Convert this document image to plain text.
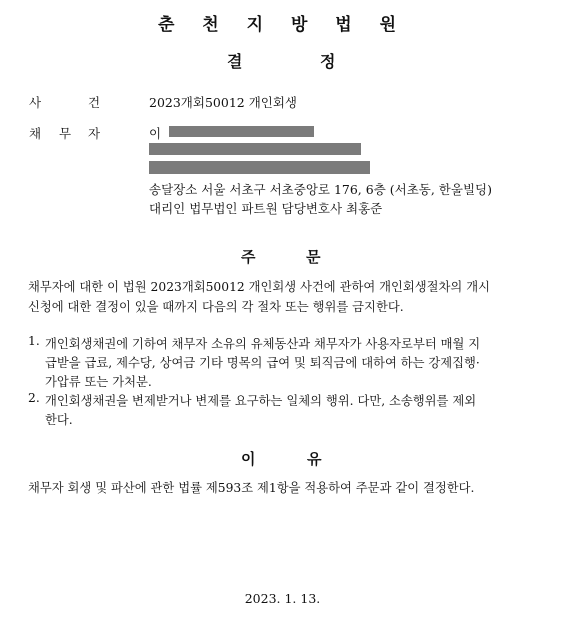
춘 천 지 방 법 원
결	정
사	건	2023개회50012 개인회생
채 무 자	이
송달장소 서울 서초구 서초중앙로 176, 6층 (서초동, 한울빌딩)
대리인 법무법인 파트원 담당변호사 최홍준
주	문
채무자에 대한 이 법원 2023개회50012 개인회생 사건에 관하여 개인회생절차의 개시
신청에 대한 결정이 있을 때까지 다음의 각 절차 또는 행위를 금지한다.
1. 개인회생채권에 기하여 채무자 소유의 유체동산과 채무자가 사용자로부터 매월 지
급받을 급료, 제수당, 상여금 기타 명목의 급여 및 퇴직금에 대하여 하는 강제집행·
가압류 또는 가처분.
2. 개인회생채권을 변제받거나 변제를 요구하는 일체의 행위. 다만, 소송행위를 제외
한다.
이	유
채무자 회생 및 파산에 관한 법률 제593조 제1항을 적용하여 주문과 같이 결정한다.
2023. 1. 13.
